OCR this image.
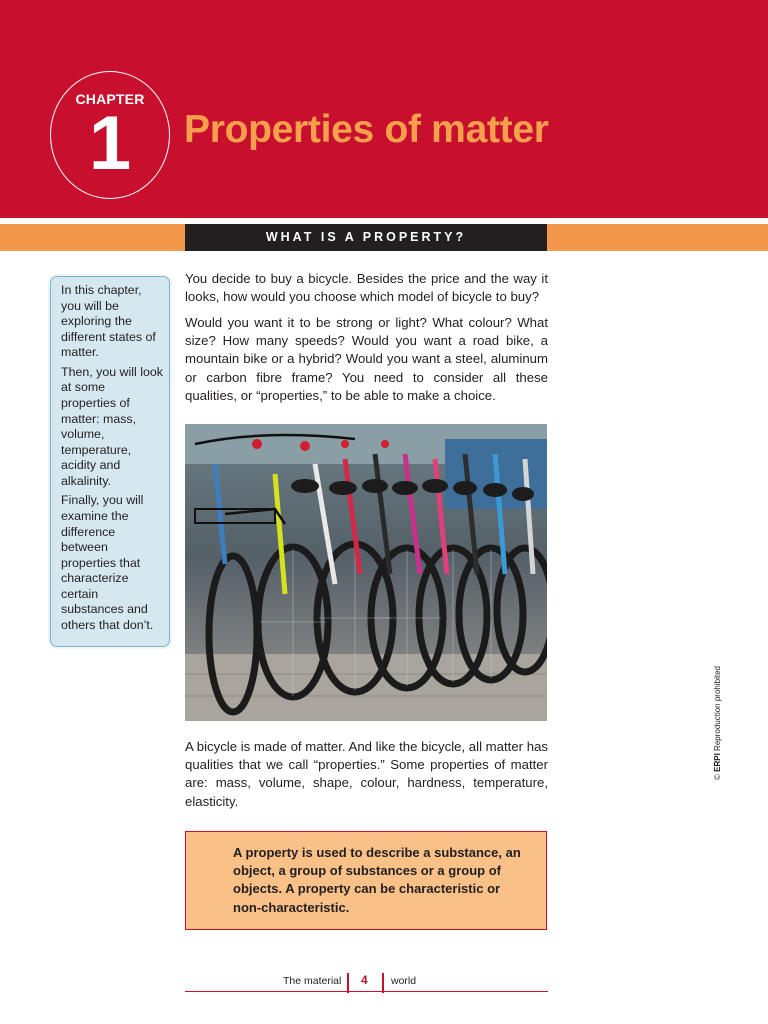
CHAPTER
1	Properties of matter
WHAT IS A PROPERTY?

In this chapter, you will be exploring the different states of matter.

Then, you will look at some properties of matter: mass, volume, temperature, acidity and alkalinity.

Finally, you will examine the difference between properties that characterize certain substances and others that don’t.

You decide to buy a bicycle. Besides the price and the way it looks, how would you choose which model of bicycle to buy?

Would you want it to be strong or light? What colour? What size? How many speeds? Would you want a road bike, a mountain bike or a hybrid? Would you want a steel, aluminum or carbon fibre frame? You need to consider all these qualities, or “properties,” to be able to make a choice.

A bicycle is made of matter. And like the bicycle, all matter has qualities that we call “properties.” Some properties of matter are: mass, volume, shape, colour, hardness, temperature, elasticity.

A property is used to describe a substance, an object, a group of substances or a group of objects. A property can be characteristic or non-characteristic.
The material 4 world
© ERPI Reproduction prohibited
